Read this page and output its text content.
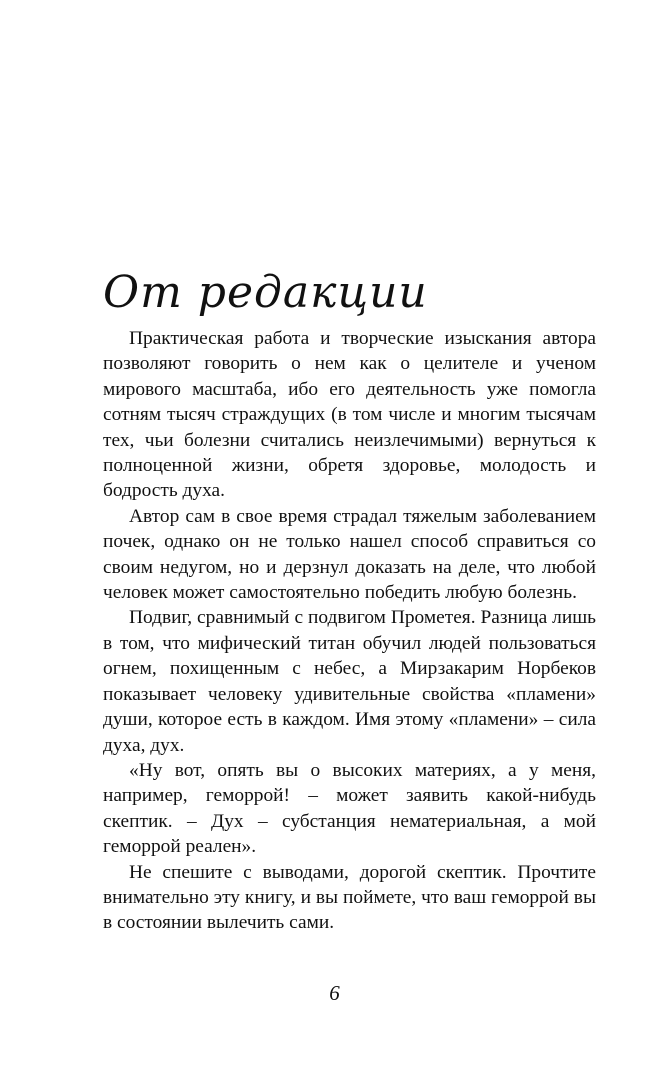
От редакции

Практическая работа и творческие изыскания автора позволяют говорить о нем как о целителе и ученом мирового масштаба, ибо его деятельность уже помогла сотням тысяч страждущих (в том числе и многим тысячам тех, чьи болезни считались неизлечимыми) вернуться к полноценной жизни, обретя здоровье, молодость и бодрость духа.

Автор сам в свое время страдал тяжелым заболеванием почек, однако он не только нашел способ справиться со своим недугом, но и дерзнул доказать на деле, что любой человек может самостоятельно победить любую болезнь.

Подвиг, сравнимый с подвигом Прометея. Разница лишь в том, что мифический титан обучил людей пользоваться огнем, похищенным с небес, а Мирзакарим Норбеков показывает человеку удивительные свойства «пламени» души, которое есть в каждом. Имя этому «пламени» – сила духа, дух.

«Ну вот, опять вы о высоких материях, а у меня, например, геморрой! – может заявить какой-нибудь скептик. – Дух – субстанция нематериальная, а мой геморрой реален».

Не спешите с выводами, дорогой скептик. Прочтите внимательно эту книгу, и вы поймете, что ваш геморрой вы в состоянии вылечить сами.

6
